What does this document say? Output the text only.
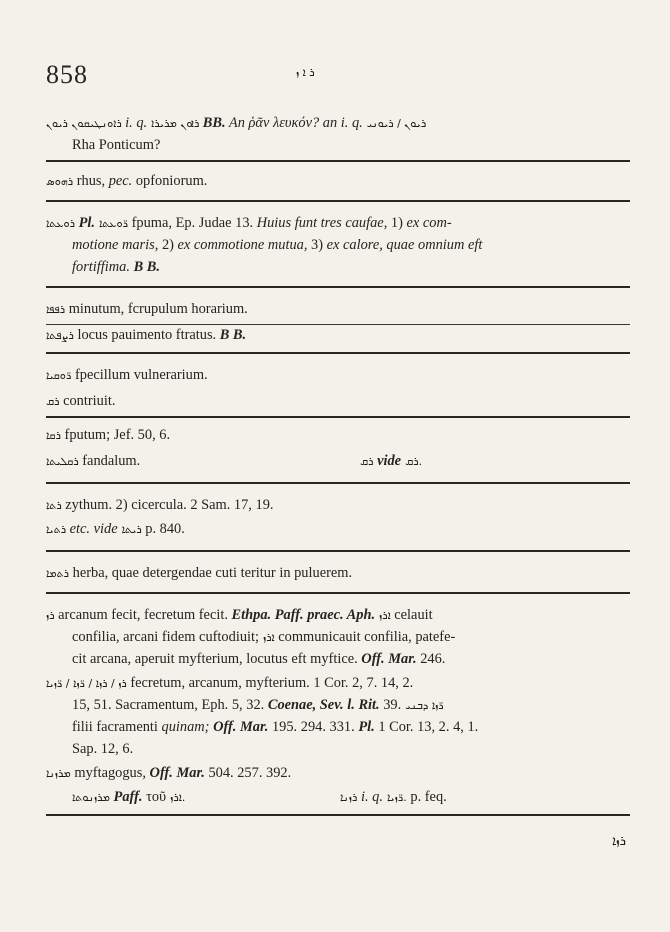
858	ܪ ܐ ܙ
ܪܐܘܢܛܝܩܘܢ ܪܝܘܢ i. q. ܪܐܘܢ ܡܪܝܪܐ BB. An ῥᾶν λευκόν? an i. q. ܪܝܘܢ / ܪܝܘܢܝ
Rha Ponticum?
ܪܗܘܣ rhus, pec. opfoniorum.
ܪܘܥܬܐ Pl. ܪ̈ܘܥܬܐ fpuma, Ep. Judae 13. Huius funt tres caufae, 1) ex com-
motione maris, 2) ex commotione mutua, 3) ex calore, quae omnium eft
fortiffima. B B.
ܪܦܦܐ minutum, fcrupulum horarium.
ܪܨܦܬܐ locus pauimento ftratus. B B.
ܪ̈ܘܩܝܐ fpecillum vulnerarium.
ܪܩ contriuit.
ܪܩܐ fputum; Jef. 50, 6.
ܪܩܠܝܬܐ fandalum.	ܪܩ vide ܪܩ.
ܪܬܐ zythum. 2) cicercula. 2 Sam. 17, 19.
ܪܬܝܐ etc. vide ܪܝܬܐ p. 840.
ܪܬܡܐ herba, quae detergendae cuti teritur in puluerem.
ܪܙ arcanum fecit, fecretum fecit. Ethpa. Paff. praec. Aph. ܐܪܙ celauit
confilia, arcani fidem cuftodiuit; ܐܪܙ communicauit confilia, patefe-
cit arcana, aperuit myfterium, locutus eft myfticе. Off. Mar. 246.
ܪܙ / ܪܙܐ / ܪ̈ܙܐ / ܪ̈ܙܝܐ fecretum, arcanum, myfterium. 1 Cor. 2, 7. 14, 2.
15, 51. Sacramentum, Eph. 5, 32. Coenae, Sev. l. Rit. 39. ܪ̈ܙܐ ܕܒܢܝ
filii facramenti quinam; Off. Mar. 195. 294. 331. Pl. 1 Cor. 13, 2. 4, 1.
Sap. 12, 6.
ܡܪܙܢܐ myftagogus, Off. Mar. 504. 257. 392.
ܡܪܙܢܘܬܐ Paff. τοῦ ܐܪܙ.	ܪܙܢܐ i. q. ܪ̈ܙܝܐ. p. feq.
ܪܙܐ
